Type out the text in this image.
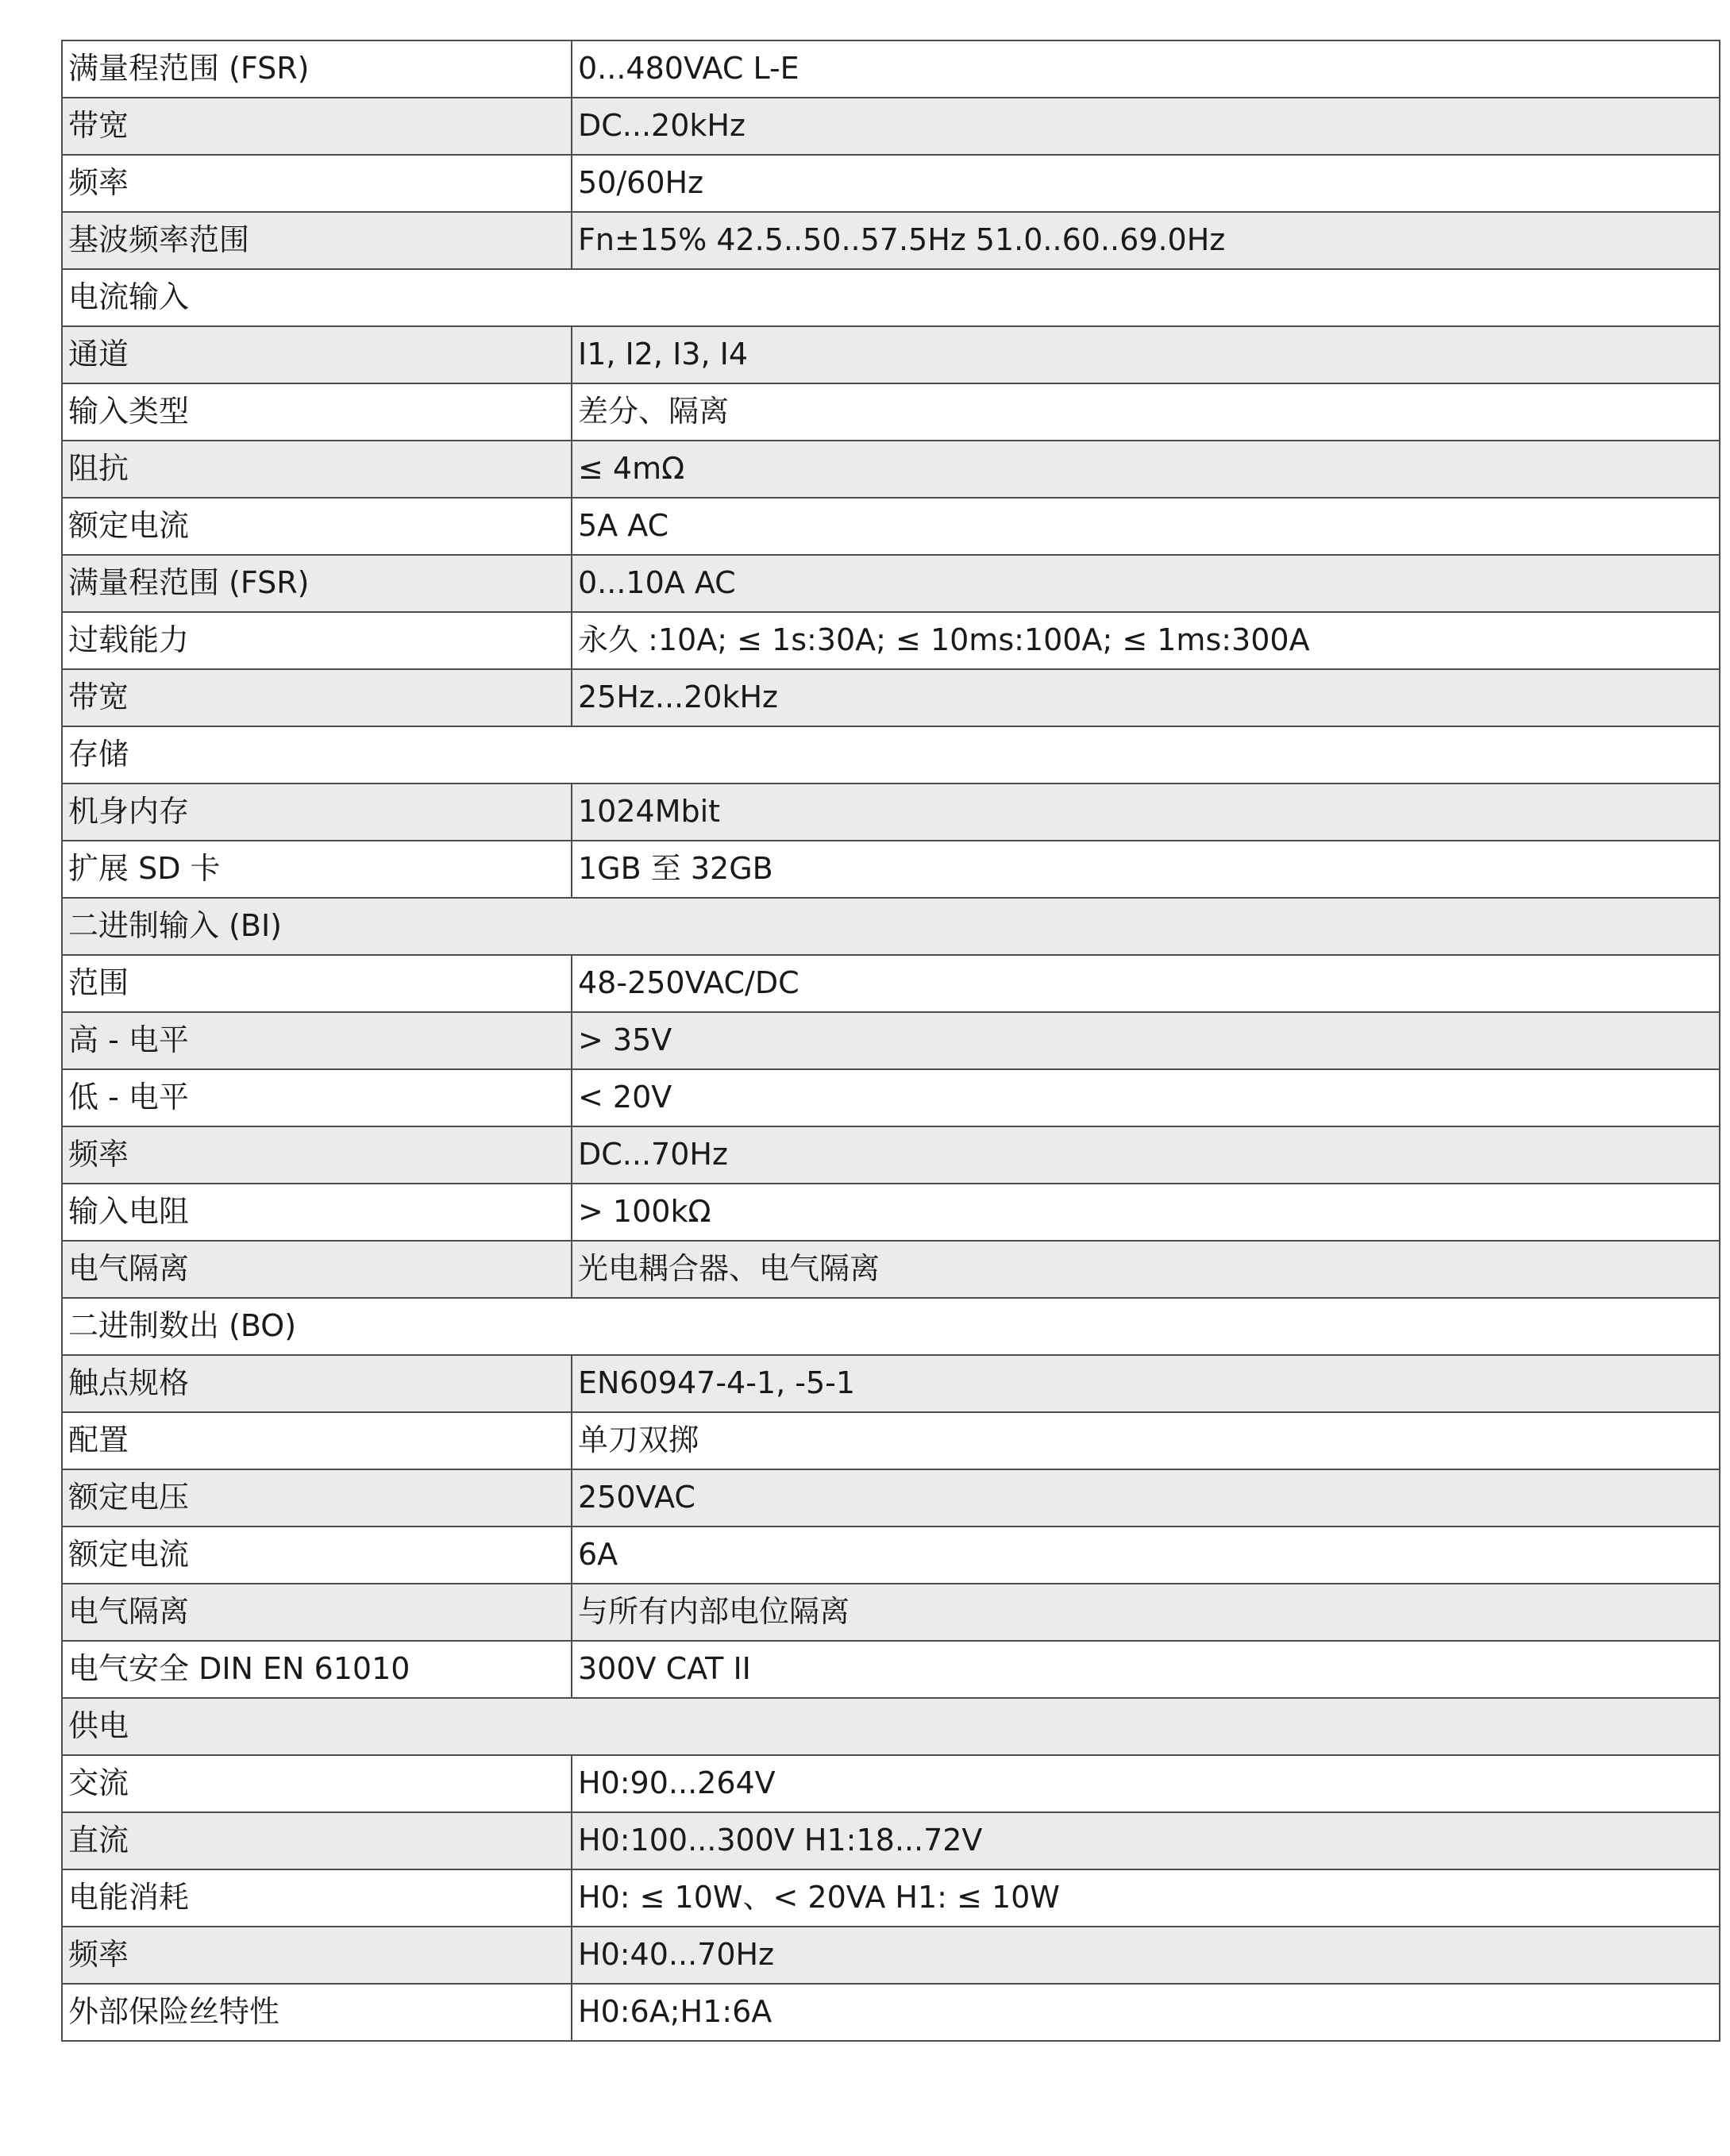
满量程范围 (FSR)	0...480VAC L-E
带宽	DC...20kHz
频率	50/60Hz
基波频率范围	Fn±15% 42.5..50..57.5Hz 51.0..60..69.0Hz
电流输入	
通道	I1, I2, I3, I4
输入类型	差分、隔离
阻抗	≤ 4mΩ
额定电流	5A AC
满量程范围 (FSR)	0...10A AC
过载能力	永久 :10A; ≤ 1s:30A; ≤ 10ms:100A; ≤ 1ms:300A
带宽	25Hz...20kHz
存储	
机身内存	1024Mbit
扩展 SD 卡	1GB 至 32GB
二进制输入 (BI)	
范围	48-250VAC/DC
高 - 电平	> 35V
低 - 电平	< 20V
频率	DC...70Hz
输入电阻	> 100kΩ
电气隔离	光电耦合器、电气隔离
二进制数出 (BO)	
触点规格	EN60947-4-1, -5-1
配置	单刀双掷
额定电压	250VAC
额定电流	6A
电气隔离	与所有内部电位隔离
电气安全 DIN EN 61010	300V CAT II
供电	
交流	H0:90...264V
直流	H0:100...300V H1:18...72V
电能消耗	H0: ≤ 10W、< 20VA H1: ≤ 10W
频率	H0:40...70Hz
外部保险丝特性	H0:6A;H1:6A
